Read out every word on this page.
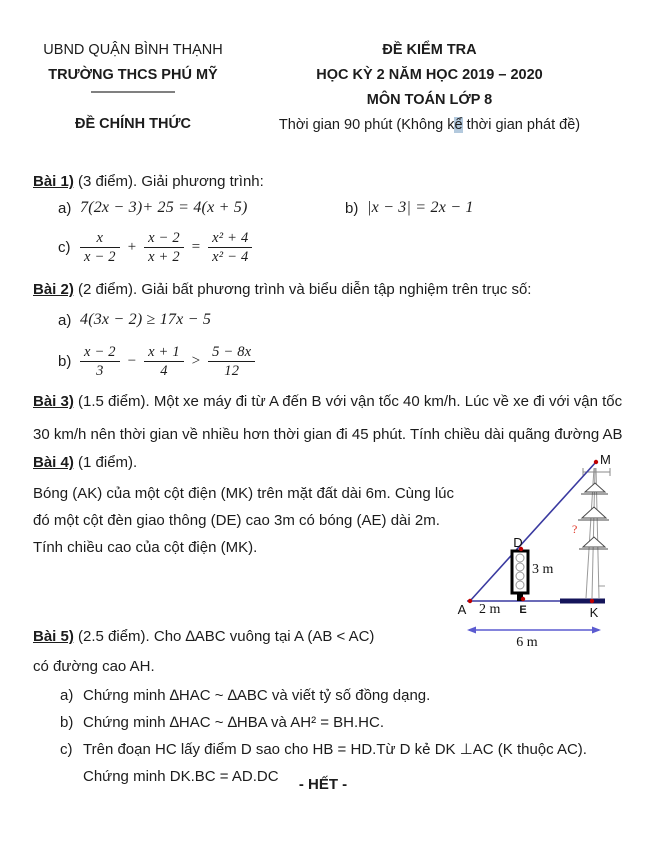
UBND QUẬN BÌNH THẠNH
TRƯỜNG THCS PHÚ MỸ
ĐỀ CHÍNH THỨC
ĐỀ KIỂM TRA
HỌC KỲ 2 NĂM HỌC 2019 – 2020
MÔN TOÁN LỚP 8
Thời gian 90 phút (Không kể thời gian phát đề)
Bài 1) (3 điểm). Giải phương trình:
a) 7(2x − 3)+ 25 = 4(x + 5)	b) |x − 3| = 2x − 1
$c) \frac{x}{x - 2} + \frac{x - 2}{x + 2} = \frac{\text{x² + 4}}{\text{x² − 4}}$
Bài 2) (2 điểm). Giải bất phương trình và biểu diễn tập nghiệm trên trục số:
a) 4(3x − 2) ≥ 17x − 5
$b) \frac{x - 2}{3} - \frac{x + 1}{4} > \frac{5 - 8x}{12}$
Bài 3) (1.5 điểm). Một xe máy đi từ A đến B với vận tốc 40 km/h. Lúc về xe đi với vận tốc
30 km/h nên thời gian về nhiều hơn thời gian đi 45 phút. Tính chiều dài quãng đường AB
Bài 4) (1 điểm).
Bóng (AK) của một cột điện (MK) trên mặt đất dài 6m. Cùng lúc
đó một cột đèn giao thông (DE) cao 3m có bóng (AE) dài 2m.
Tính chiều cao của cột điện (MK).
M
D
E
A	K
3 m
2 m
6 m
?
Bài 5) (2.5 điểm). Cho ∆ABC vuông tại A (AB < AC)
có đường cao AH.
a) Chứng minh ∆HAC ~ ∆ABC và viết tỷ số đồng dạng.
b) Chứng minh ∆HAC ~ ∆HBA và AH² = BH.HC.
c) Trên đoạn HC lấy điểm D sao cho HB = HD.Từ D kẻ DK ⊥AC (K thuộc AC).
Chứng minh DK.BC = AD.DC	- HẾT -
